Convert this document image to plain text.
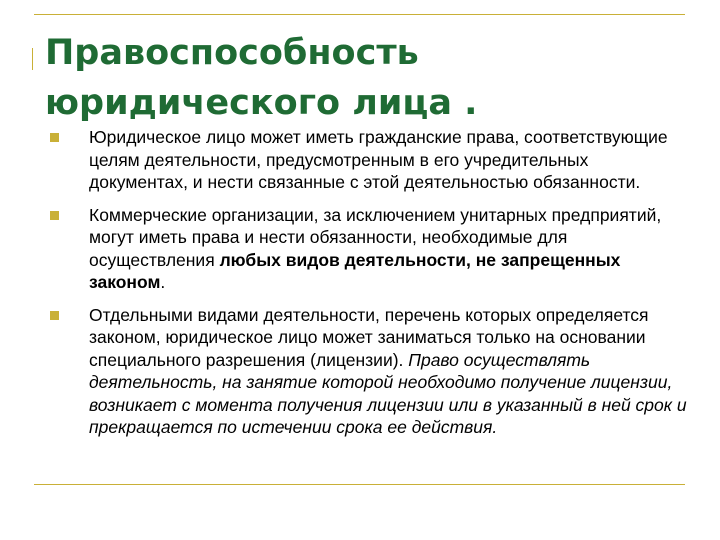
Правоспособность
юридического лица .
Юридическое лицо может иметь гражданские права, соответствующие целям деятельности, предусмотренным в его учредительных документах, и нести связанные с этой деятельностью обязанности.
Коммерческие организации, за исключением унитарных предприятий, могут иметь права и нести обязанности, необходимые для осуществления любых видов деятельности, не запрещенных законом.
Отдельными видами деятельности, перечень которых определяется законом, юридическое лицо может заниматься только на основании специального разрешения (лицензии). Право осуществлять деятельность, на занятие которой необходимо получение лицензии, возникает с момента получения лицензии или в указанный в ней срок и прекращается по истечении срока ее действия.
